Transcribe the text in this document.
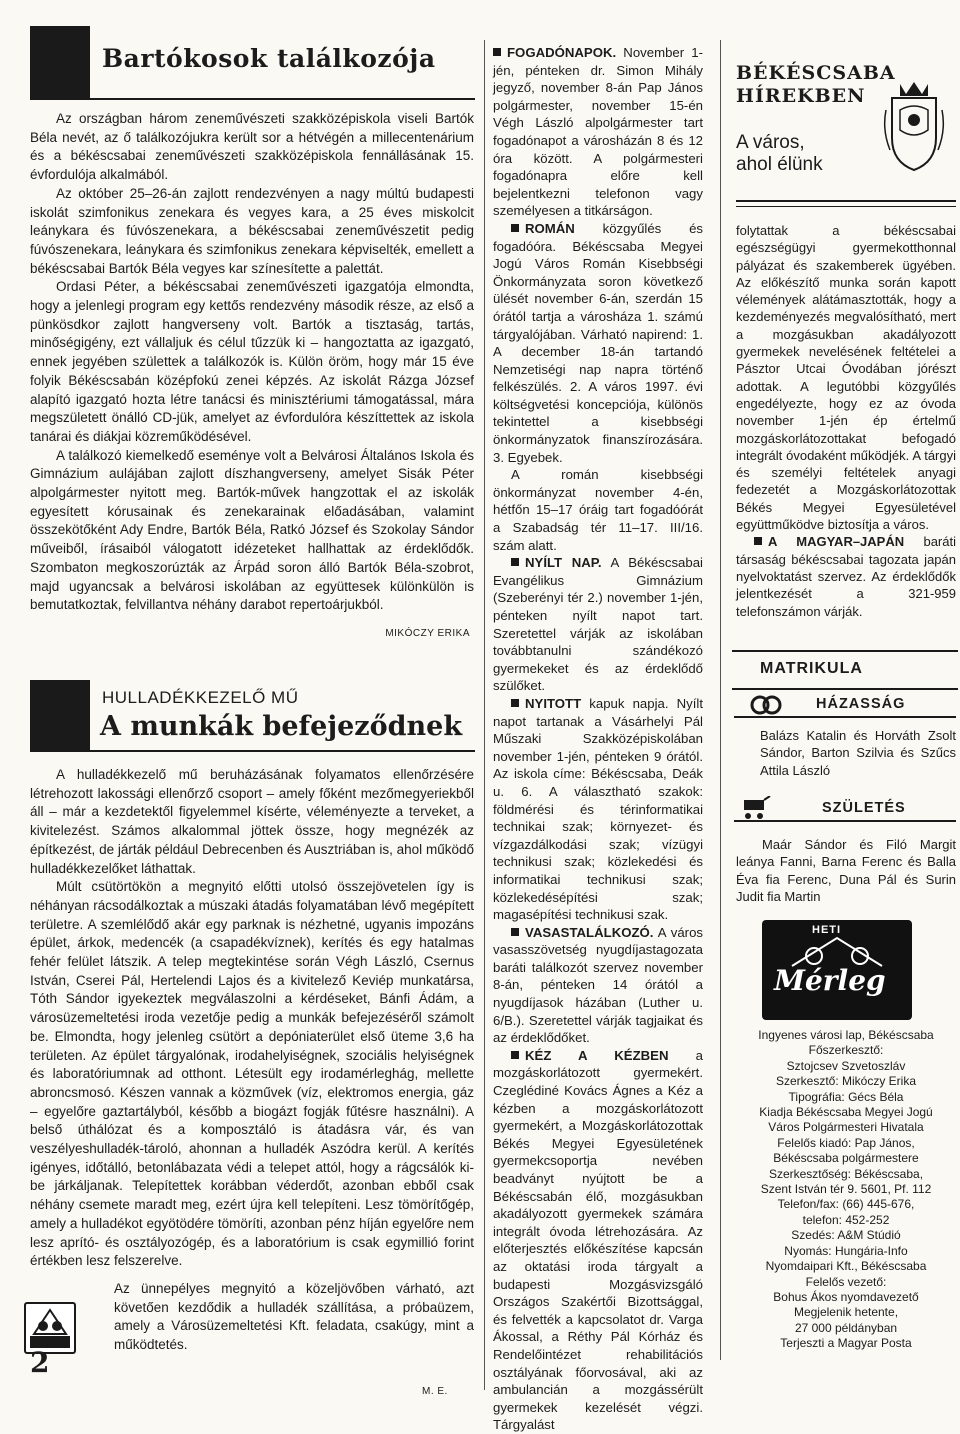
Bartókosok találkozója

Az országban három zeneművészeti szakközépiskola viseli Bartók Béla nevét, az ő találkozójukra került sor a hétvégén a millecentenárium és a békéscsabai zeneművészeti szakközépiskola fennállásának 15. évfordulója alkalmából.

Az október 25–26-án zajlott rendezvényen a nagy múltú budapesti iskolát szimfonikus zenekara és vegyes kara, a 25 éves miskolcit leánykara és fúvószenekara, a békéscsabai zeneművészetit pedig fúvószenekara, leánykara és szimfonikus zenekara képviselték, emellett a békéscsabai Bartók Béla vegyes kar színesítette a palettát.

Ordasi Péter, a békéscsabai zeneművészeti igazgatója elmondta, hogy a jelenlegi program egy kettős rendezvény második része, az első a pünkösdkor zajlott hangverseny volt. Bartók a tisztaság, tartás, minőségigény, ezt vállaljuk és célul tűzzük ki – hangoztatta az igazgató, ennek jegyében születtek a találkozók is. Külön öröm, hogy már 15 éve folyik Békéscsabán középfokú zenei képzés. Az iskolát Rázga József alapító igazgató hozta létre tanácsi és minisztériumi támogatással, mára megszületett önálló CD-jük, amelyet az évfordulóra készíttettek az iskola tanárai és diákjai közreműködésével.

A találkozó kiemelkedő eseménye volt a Belvárosi Általános Iskola és Gimnázium aulájában zajlott díszhangverseny, amelyet Sisák Péter alpolgármester nyitott meg. Bartók-művek hangzottak el az iskolák egyesített kórusainak és zenekarainak előadásában, valamint összekötőként Ady Endre, Bartók Béla, Ratkó József és Szokolay Sándor műveiből, írásaiból válogatott idézeteket hallhattak az érdeklődők. Szombaton megkoszorúzták az Árpád soron álló Bartók Béla-szobrot, majd ugyancsak a belvárosi iskolában az együttesek különkülön is bemutatkoztak, felvillantva néhány darabot repertoárjukból.

MIKÓCZY ERIKA
HULLADÉKKEZELŐ MŰ
A munkák befejeződnek

A hulladékkezelő mű beruházásának folyamatos ellenőrzésére létrehozott lakossági ellenőrző csoport – amely főként mezőmegyeriekből áll – már a kezdetektől figyelemmel kísérte, véleményezte a terveket, a kivitelezést. Számos alkalommal jöttek össze, hogy megnézék az építkezést, de járták például Debrecenben és Ausztriában is, ahol működő hulladékkezelőket láthattak.

Múlt csütörtökön a megnyitó előtti utolsó összejövetelen így is néhányan rácsodálkoztak a múszaki átadás folyamatában lévő megépített területre. A szemlélődő akár egy parknak is nézhetné, ugyanis impozáns épület, árkok, medencék (a csapadékvíznek), kerítés és egy hatalmas fehér felület látszik. A telep megtekintése során Végh László, Csernus István, Cserei Pál, Hertelendi Lajos és a kivitelező Keviép munkatársa, Tóth Sándor igyekeztek megválaszolni a kérdéseket, Bánfi Ádám, a városüzemeltetési iroda vezetője pedig a munkák befejezéséről számolt be. Elmondta, hogy jelenleg csütört a depóniaterület első üteme 3,6 ha területen. Az épület tárgyalónak, irodahelyiségnek, szociális helyiségnek és laboratóriumnak ad otthont. Létesült egy irodamérleghág, mellette abroncsmosó. Készen vannak a közművek (víz, elektromos energia, gáz – egyelőre gaztartályból, később a biogázt fogják fűtésre használni). A belső úthálózat és a komposztáló is átadásra vár, és van veszélyeshulladék-tároló, ahonnan a hulladék Aszódra kerül. A kerítés igényes, időtálló, betonlábazata védi a telepet attól, hogy a rágcsálók ki-be járkáljanak. Telepítettek korábban véderdőt, azonban ebből csak néhány csemete maradt meg, ezért újra kell telepíteni. Lesz tömörítőgép, amely a hulladékot egyötödére tömöríti, azonban pénz híján egyelőre nem lesz aprító- és osztályozógép, és a laboratórium is csak egymillió forint értékben lesz felszerelve.

Az ünnepélyes megnyitó a közeljövőben várható, azt követően kezdődik a hulladék szállítása, a próbaüzem, amely a Városüzemeltetési Kft. feladata, csakúgy, mint a működtetés.

2
M. E.

FOGADÓNAPOK. November 1-jén, pénteken dr. Simon Mihály jegyző, november 8-án Pap János polgármester, november 15-én Végh László alpolgármester tart fogadónapot a városházán 8 és 12 óra között. A polgármesteri fogadónapra előre kell bejelentkezni telefonon vagy személyesen a titkárságon.

ROMÁN közgyűlés és fogadóóra. Békéscsaba Megyei Jogú Város Román Kisebbségi Önkormányzata soron következő ülését november 6-án, szerdán 15 órától tartja a városháza 1. számú tárgyalójában. Várható napirend: 1. A december 18-án tartandó Nemzetiségi nap napra történő felkészülés. 2. A város 1997. évi költségvetési koncepciója, különös tekintettel a kisebbségi önkormányzatok finanszírozására. 3. Egyebek.

A román kisebbségi önkormányzat november 4-én, hétfőn 15–17 óráig tart fogadóórát a Szabadság tér 11–17. III/16. szám alatt.

NYÍLT NAP. A Békéscsabai Evangélikus Gimnázium (Szeberényi tér 2.) november 1-jén, pénteken nyílt napot tart. Szeretettel várják az iskolában továbbtanulni szándékozó gyermekeket és az érdeklődő szülőket.

NYITOTT kapuk napja. Nyílt napot tartanak a Vásárhelyi Pál Műszaki Szakközépiskolában november 1-jén, pénteken 9 órától. Az iskola címe: Békéscsaba, Deák u. 6. A választható szakok: földmérési és térinformatikai technikai szak; környezet- és vízgazdálkodási szak; vízügyi technikusi szak; közlekedési és informatikai technikusi szak; közlekedésépítési szak; magasépítési technikusi szak.

VASASTALÁLKOZÓ. A város vasasszövetség nyugdíjastagozata baráti találkozót szervez november 8-án, pénteken 14 órától a nyugdíjasok házában (Luther u. 6/B.). Szeretettel várják tagjaikat és az érdeklődőket.

KÉZ A KÉZBEN a mozgáskorlátozott gyermekért. Czeglédiné Kovács Ágnes a Kéz a kézben a mozgáskorlátozott gyermekért, a Mozgáskorlátozottak Békés Megyei Egyesületének gyermekcsoportja nevében beadványt nyújtott be a Békéscsabán élő, mozgásukban akadályozott gyermekek számára integrált óvoda létrehozására. Az előterjesztés előkészítése kapcsán az oktatási iroda tárgyalt a budapesti Mozgásvizsgáló Országos Szakértői Bizottsággal, és felvették a kapcsolatot dr. Varga Ákossal, a Réthy Pál Kórház és Rendelőintézet rehabilitációs osztályának főorvosával, aki az ambulancián a mozgássérült gyermekek kezelését végzi. Tárgyalást

BÉKÉSCSABA
HÍREKBEN
A város,
ahol élünk

folytattak a békéscsabai egészségügyi gyermekotthonnal pályázat és szakemberek ügyében. Az előkészítő munka során kapott vélemények alátámasztották, hogy a kezdeményezés megvalósítható, mert a mozgásukban akadályozott gyermekek nevelésének feltételei a Pásztor Utcai Óvodában jórészt adottak. A legutóbbi közgyűlés engedélyezte, hogy ez az óvoda november 1-jén ép értelmű mozgáskorlátozottakat befogadó integrált óvodaként működjék. A tárgyi és személyi feltételek anyagi fedezetét a Mozgáskorlátozottak Békés Megyei Egyesületével együttműködve biztosítja a város.

A MAGYAR–JAPÁN baráti társaság békéscsabai tagozata japán nyelvoktatást szervez. Az érdeklődők jelentkezését a 321-959 telefonszámon várják.

MATRIKULA
HÁZASSÁG
Balázs Katalin és Horváth Zsolt Sándor, Barton Szilvia és Szűcs Attila László
SZÜLETÉS
Maár Sándor és Filó Margit leánya Fanni, Barna Ferenc és Balla Éva fia Ferenc, Duna Pál és Surin Judit fia Martin
HETI
Mérleg
Ingyenes városi lap, Békéscsaba
Főszerkesztő:
Sztojcsev Szvetoszláv
Szerkesztő: Mikóczy Erika
Tipográfia: Gécs Béla
Kiadja Békéscsaba Megyei Jogú
Város Polgármesteri Hivatala
Felelős kiadó: Pap János,
Békéscsaba polgármestere
Szerkesztőség: Békéscsaba,
Szent István tér 9. 5601, Pf. 112
Telefon/fax: (66) 445-676,
telefon: 452-252
Szedés: A&M Stúdió
Nyomás: Hungária-Info
Nyomdaipari Kft., Békéscsaba
Felelős vezető:
Bohus Ákos nyomdavezető
Megjelenik hetente,
27 000 példányban
Terjeszti a Magyar Posta
